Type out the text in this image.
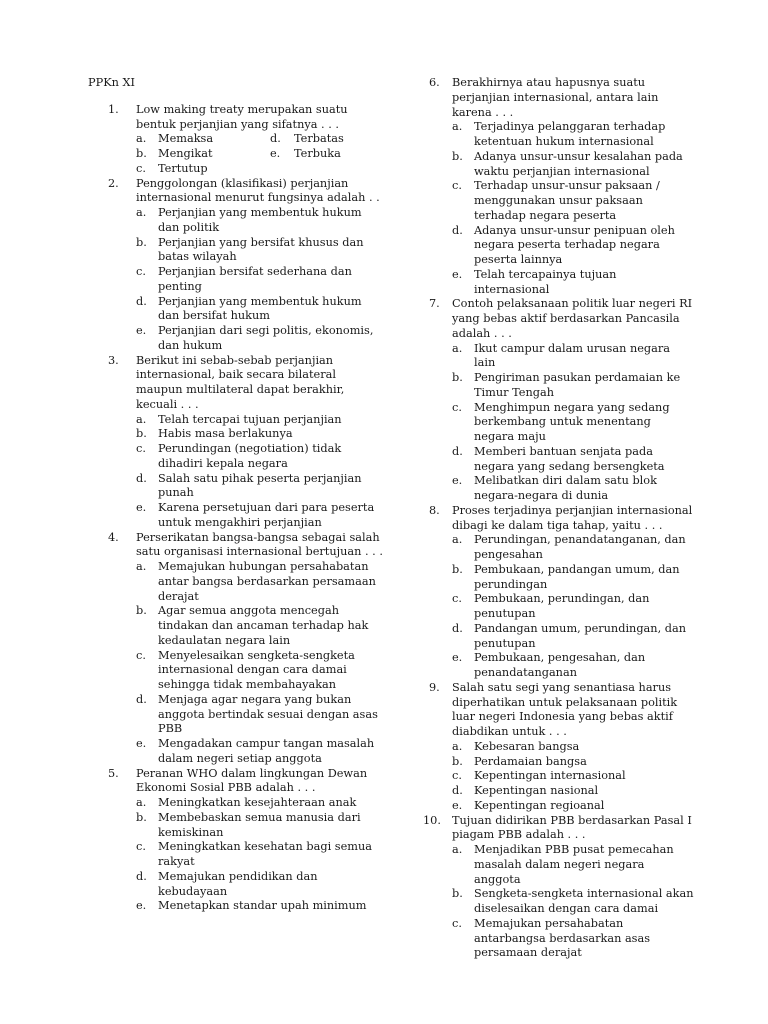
PPKn XI
1. Low making treaty merupakan suatu
bentuk perjanjian yang sifatnya . . .
a. Memaksa	d. Terbatas
b. Mengikat	e. Terbuka
c. Tertutup
2. Penggolongan (klasifikasi) perjanjian
internasional menurut fungsinya adalah . .
a. Perjanjian yang membentuk hukum
dan politik
b. Perjanjian yang bersifat khusus dan
batas wilayah
c. Perjanjian bersifat sederhana dan
penting
d. Perjanjian yang membentuk hukum
dan bersifat hukum
e. Perjanjian dari segi politis, ekonomis,
dan hukum
3. Berikut ini sebab-sebab perjanjian
internasional, baik secara bilateral
maupun multilateral dapat berakhir,
kecuali . . .
a. Telah tercapai tujuan perjanjian
b. Habis masa berlakunya
c. Perundingan (negotiation) tidak
dihadiri kepala negara
d. Salah satu pihak peserta perjanjian
punah
e. Karena persetujuan dari para peserta
untuk mengakhiri perjanjian
4. Perserikatan bangsa-bangsa sebagai salah
satu organisasi internasional bertujuan . . .
a. Memajukan hubungan persahabatan
antar bangsa berdasarkan persamaan
derajat
b. Agar semua anggota mencegah
tindakan dan ancaman terhadap hak
kedaulatan negara lain
c. Menyelesaikan sengketa-sengketa
internasional dengan cara damai
sehingga tidak membahayakan
d. Menjaga agar negara yang bukan
anggota bertindak sesuai dengan asas
PBB
e. Mengadakan campur tangan masalah
dalam negeri setiap anggota
5. Peranan WHO dalam lingkungan Dewan
Ekonomi Sosial PBB adalah . . .
a. Meningkatkan kesejahteraan anak
b. Membebaskan semua manusia dari
kemiskinan
c. Meningkatkan kesehatan bagi semua
rakyat
d. Memajukan pendidikan dan
kebudayaan
e. Menetapkan standar upah minimum
6. Berakhirnya atau hapusnya suatu
perjanjian internasional, antara lain
karena . . .
a. Terjadinya pelanggaran terhadap
ketentuan hukum internasional
b. Adanya unsur-unsur kesalahan pada
waktu perjanjian internasional
c. Terhadap unsur-unsur paksaan /
menggunakan unsur paksaan
terhadap negara peserta
d. Adanya unsur-unsur penipuan oleh
negara peserta terhadap negara
peserta lainnya
e. Telah tercapainya tujuan
internasional
7. Contoh pelaksanaan politik luar negeri RI
yang bebas aktif berdasarkan Pancasila
adalah . . .
a. Ikut campur dalam urusan negara
lain
b. Pengiriman pasukan perdamaian ke
Timur Tengah
c. Menghimpun negara yang sedang
berkembang untuk menentang
negara maju
d. Memberi bantuan senjata pada
negara yang sedang bersengketa
e. Melibatkan diri dalam satu blok
negara-negara di dunia
8. Proses terjadinya perjanjian internasional
dibagi ke dalam tiga tahap, yaitu . . .
a. Perundingan, penandatanganan, dan
pengesahan
b. Pembukaan, pandangan umum, dan
perundingan
c. Pembukaan, perundingan, dan
penutupan
d. Pandangan umum, perundingan, dan
penutupan
e. Pembukaan, pengesahan, dan
penandatanganan
9. Salah satu segi yang senantiasa harus
diperhatikan untuk pelaksanaan politik
luar negeri Indonesia yang bebas aktif
diabdikan untuk . . .
a. Kebesaran bangsa
b. Perdamaian bangsa
c. Kepentingan internasional
d. Kepentingan nasional
e. Kepentingan regioanal
10. Tujuan didirikan PBB berdasarkan Pasal I
piagam PBB adalah . . .
a. Menjadikan PBB pusat pemecahan
masalah dalam negeri negara anggota
b. Sengketa-sengketa internasional akan
diselesaikan dengan cara damai
c. Memajukan persahabatan
antarbangsa berdasarkan asas
persamaan derajat
